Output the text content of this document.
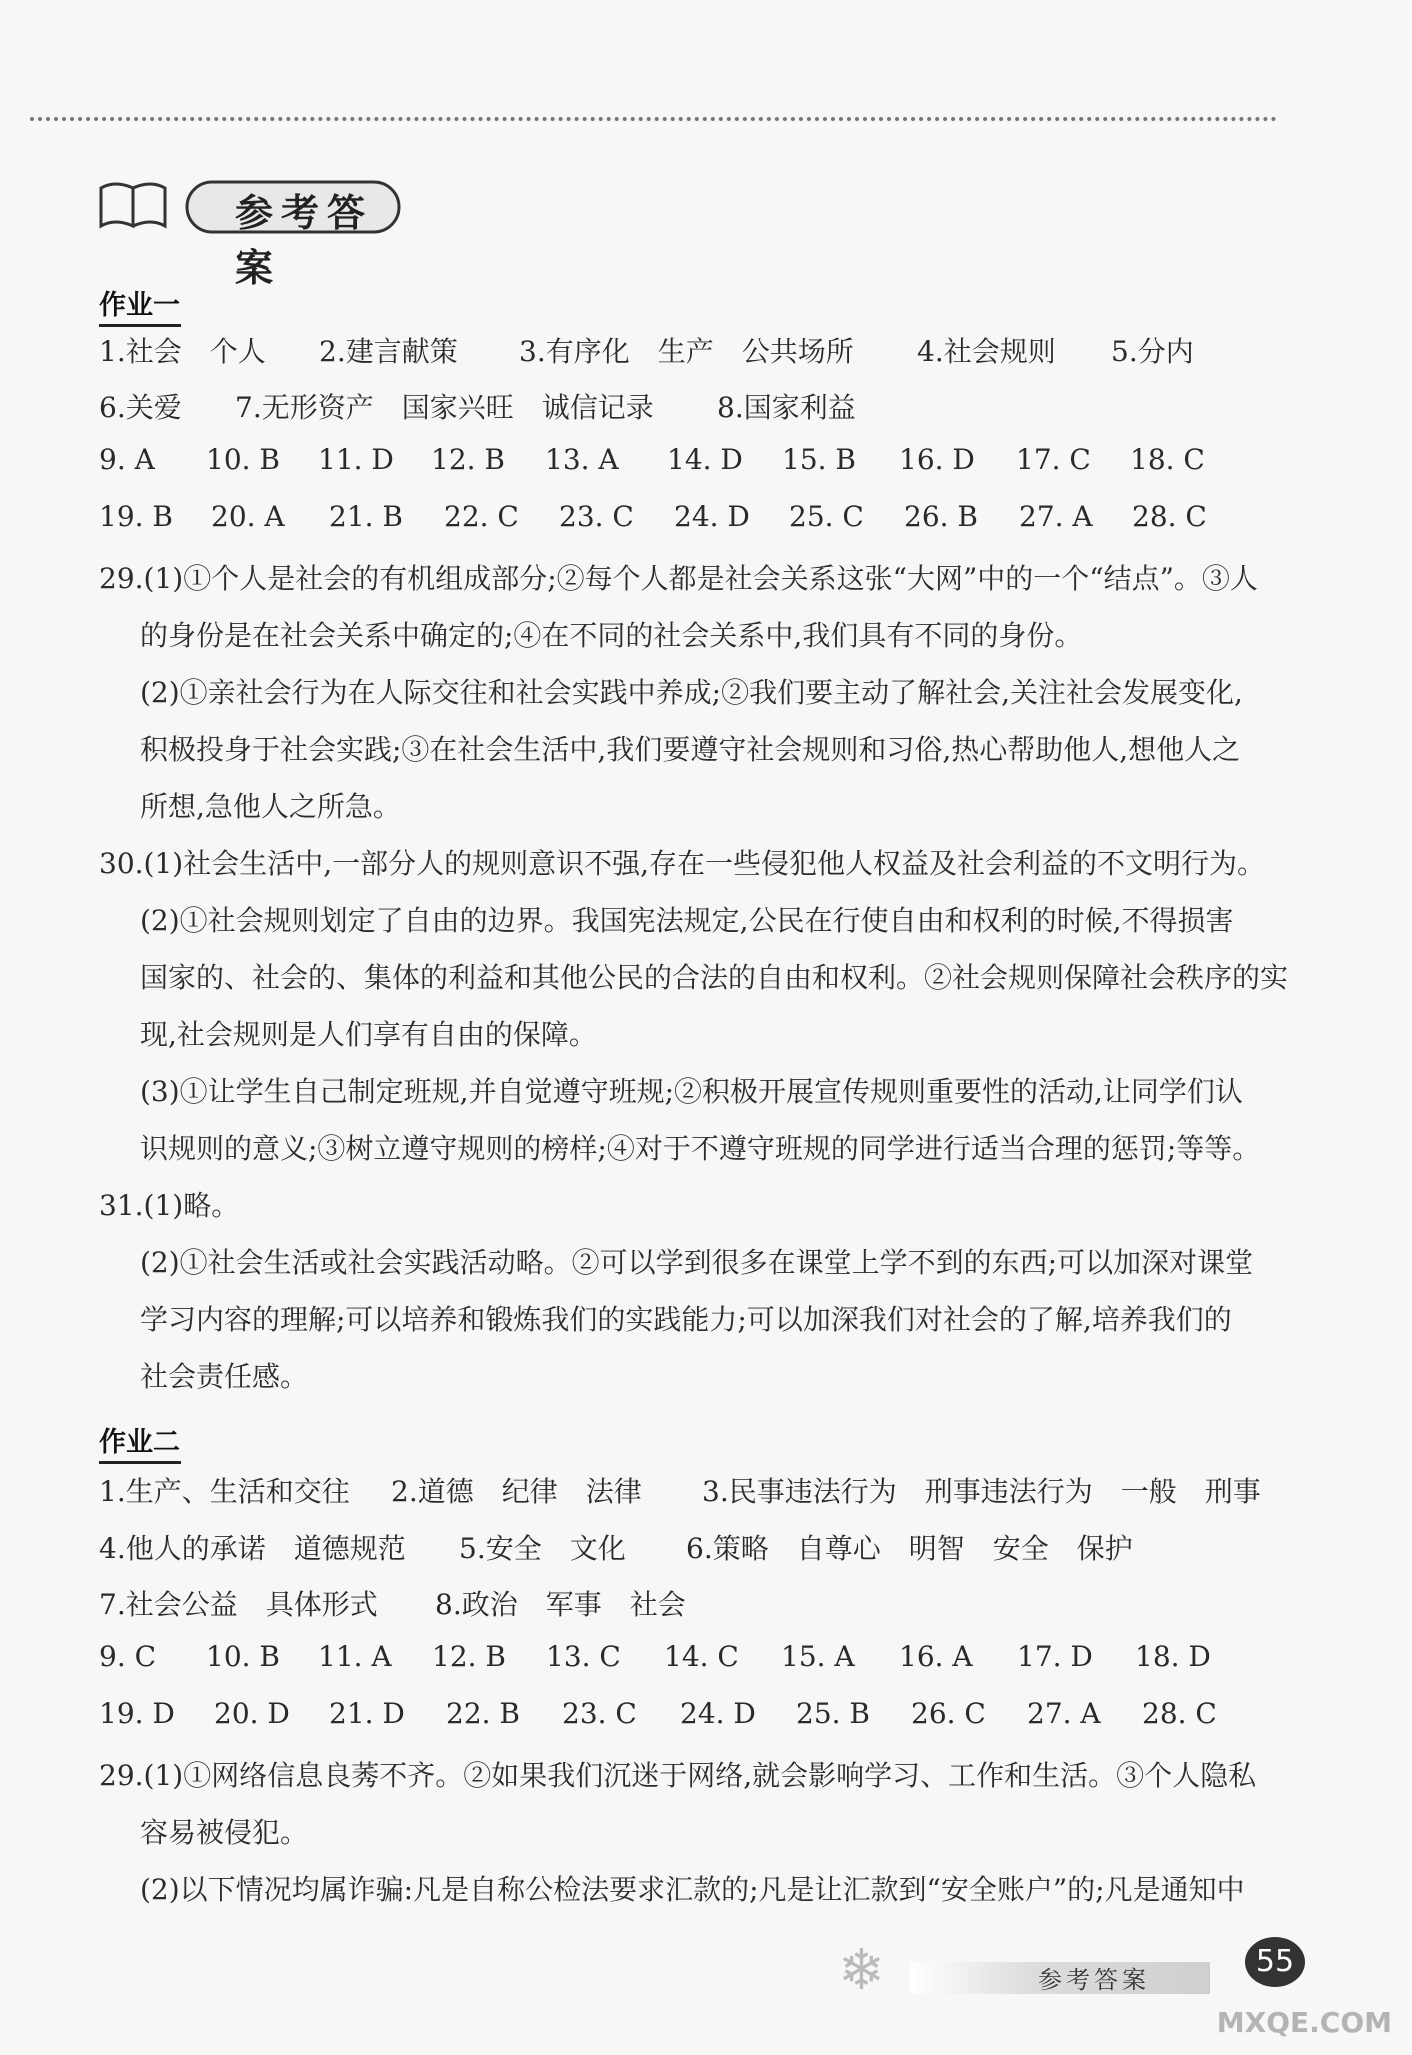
参考答案
作业一
1.社会　个人 2.建言献策 3.有序化　生产　公共场所 4.社会规则 5.分内
6.关爱 7.无形资产　国家兴旺　诚信记录 8.国家利益
9. A 10. B 11. D 12. B 13. A 14. D 15. B 16. D 17. C 18. C
19. B 20. A 21. B 22. C 23. C 24. D 25. C 26. B 27. A 28. C
29.(1)①个人是社会的有机组成部分;②每个人都是社会关系这张“大网”中的一个“结点”。③人
的身份是在社会关系中确定的;④在不同的社会关系中,我们具有不同的身份。
(2)①亲社会行为在人际交往和社会实践中养成;②我们要主动了解社会,关注社会发展变化,
积极投身于社会实践;③在社会生活中,我们要遵守社会规则和习俗,热心帮助他人,想他人之
所想,急他人之所急。
30.(1)社会生活中,一部分人的规则意识不强,存在一些侵犯他人权益及社会利益的不文明行为。
(2)①社会规则划定了自由的边界。我国宪法规定,公民在行使自由和权利的时候,不得损害
国家的、社会的、集体的利益和其他公民的合法的自由和权利。②社会规则保障社会秩序的实
现,社会规则是人们享有自由的保障。
(3)①让学生自己制定班规,并自觉遵守班规;②积极开展宣传规则重要性的活动,让同学们认
识规则的意义;③树立遵守规则的榜样;④对于不遵守班规的同学进行适当合理的惩罚;等等。
31.(1)略。
(2)①社会生活或社会实践活动略。②可以学到很多在课堂上学不到的东西;可以加深对课堂
学习内容的理解;可以培养和锻炼我们的实践能力;可以加深我们对社会的了解,培养我们的
社会责任感。
作业二
1.生产、生活和交往 2.道德　纪律　法律 3.民事违法行为　刑事违法行为　一般　刑事
4.他人的承诺　道德规范 5.安全　文化 6.策略　自尊心　明智　安全　保护
7.社会公益　具体形式 8.政治　军事　社会
9. C 10. B 11. A 12. B 13. C 14. C 15. A 16. A 17. D 18. D
19. D 20. D 21. D 22. B 23. C 24. D 25. B 26. C 27. A 28. C
29.(1)①网络信息良莠不齐。②如果我们沉迷于网络,就会影响学习、工作和生活。③个人隐私
容易被侵犯。
(2)以下情况均属诈骗:凡是自称公检法要求汇款的;凡是让汇款到“安全账户”的;凡是通知中
❄	参考答案
55
MXQE.COM
